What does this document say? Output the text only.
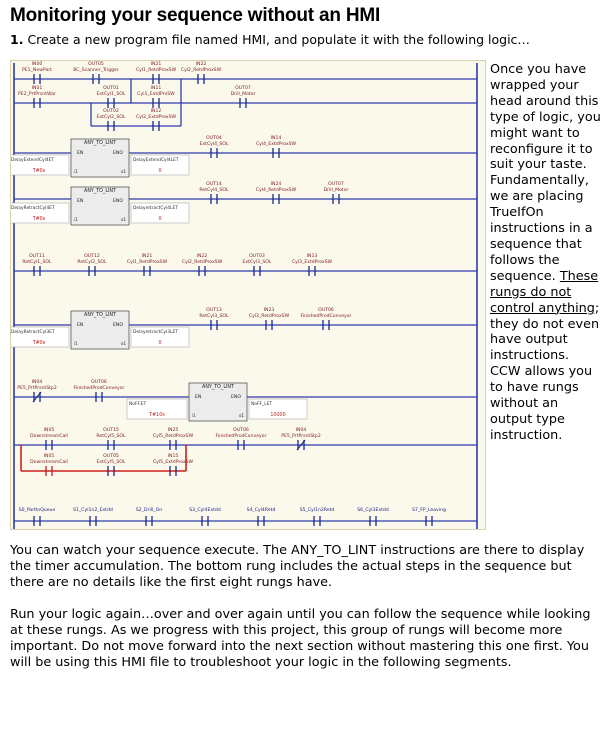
Monitoring your sequence without an HMI
1. Create a new program file named HMI, and populate it with the following logic…
IN00
PE1_NewPart
OUT05
BC_Scanner_Trigger
IN21
Cyl1_RetdProxSW
IN22
Cyl2_RetdProxSW
IN01
PE2_PrtPrsntWar
OUT01
ExtCyl1_SOL
IN11
Cyl1_ExtdPrxSW
OUT07
Drill_Motor
OUT02
ExtCyl2_SOL
IN12
Cyl2_ExtdProxSW
ANY_TO_LINT
EN	ENO
i1	o1
DelayExtendCyl4ET
T#0s
DelayExtendCyl4LET
0
OUT04
ExtCyl4_SOL
IN14
Cyl4_ExtdProxSW
ANY_TO_LINT
EN	ENO
i1	o1
DelayRetractCyl4ET
T#0s
DelayretractCyl4LET
0
OUT14
RetCyl4_SOL
IN24
Cyl4_RetdProxSW
OUT07
Drill_Motor
OUT11
RetCyl1_SOL
OUT12
RetCyl2_SOL
IN21
Cyl1_RetdProxSW
IN22
Cyl2_RetdProxSW
OUT03
ExtCyl3_SOL
IN13
Cyl3_ExtdProxSW
ANY_TO_LINT
EN	ENO
i1	o1
DelayRetractCyl3ET
T#0s
DelayretractCyl3LET
0
OUT13
RetCyl3_SOL
IN23
Cyl3_RetdProxSW
OUT06
FinishedProdConveyor
IN04
PE5_PrtPrsntStp2
OUT06
FinishedProdConveyor	ANY_TO_LINT
EN	ENO
i1	o1
NoFF.ET
T#10s
NoFF_LET
10000
IN05
DownstreamCall
OUT15
RetCyl5_SOL
IN25
Cyl5_RetdProxSW
OUT06
FinishedProdConveyor
IN04
PE5_PrtPrsntStp2
IN05
DownstreamCall
OUT05
ExtCyl5_SOL
IN15
Cyl5_ExtdProxSW
S0_PartInQueue	S1_Cyl1n2_Extdd	S2_Drill_On	S3_Cyl4Extdd	S4_Cyl4Retd	S5_Cyl1n2Retd	S6_Cyl3Extdd	S7_FP_Leaving
Once you have wrapped your head around this type of logic, you might want to reconfigure it to suit your taste. Fundamentally, we are placing TrueIfOn instructions in a sequence that follows the sequence. These rungs do not control anything; they do not even have output instructions. CCW allows you to have rungs without an output type instruction.
You can watch your sequence execute. The ANY_TO_LINT instructions are there to display the timer accumulation. The bottom rung includes the actual steps in the sequence but there are no details like the first eight rungs have.
Run your logic again…over and over again until you can follow the sequence while looking at these rungs. As we progress with this project, this group of rungs will become more important. Do not move forward into the next section without mastering this one first. You will be using this HMI file to troubleshoot your logic in the following segments.
